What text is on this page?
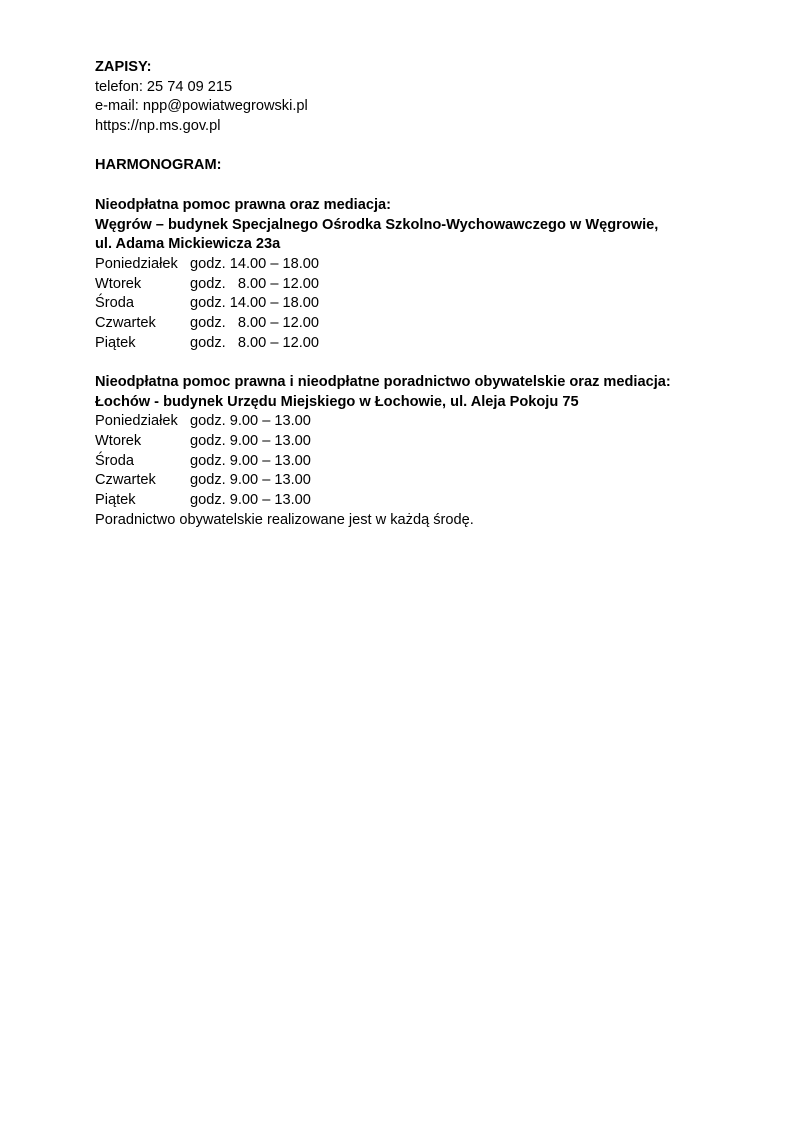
ZAPISY:
telefon: 25 74 09 215
e-mail: npp@powiatwegrowski.pl
https://np.ms.gov.pl
HARMONOGRAM:
Nieodpłatna pomoc prawna oraz mediacja:
Węgrów – budynek Specjalnego Ośrodka Szkolno-Wychowawczego w Węgrowie,
ul. Adama Mickiewicza 23a
Poniedziałek godz. 14.00 – 18.00
Wtorek	godz.   8.00 – 12.00
Środa	godz. 14.00 – 18.00
Czwartek	godz.   8.00 – 12.00
Piątek	godz.   8.00 – 12.00
Nieodpłatna pomoc prawna i nieodpłatne poradnictwo obywatelskie oraz mediacja:
Łochów - budynek Urzędu Miejskiego w Łochowie, ul. Aleja Pokoju 75
Poniedziałek godz. 9.00 – 13.00
Wtorek	godz. 9.00 – 13.00
Środa	godz. 9.00 – 13.00
Czwartek	godz. 9.00 – 13.00
Piątek	godz. 9.00 – 13.00
Poradnictwo obywatelskie realizowane jest w każdą środę.
